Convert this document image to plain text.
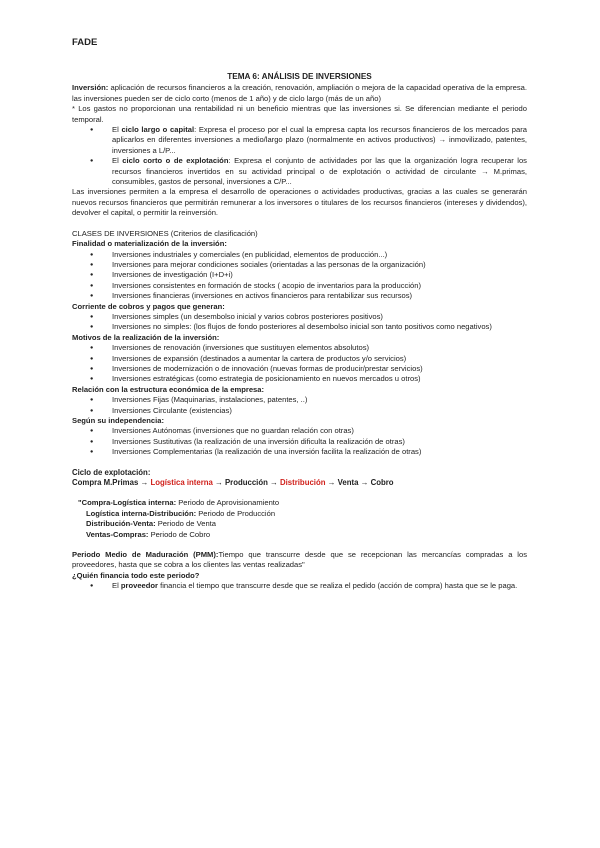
FADE
TEMA 6: ANÁLISIS DE INVERSIONES

Inversión: aplicación de recursos financieros a la creación, renovación, ampliación o mejora de la capacidad operativa de la empresa. las inversiones pueden ser de ciclo corto (menos de 1 año) y de ciclo largo (más de un año)

* Los gastos no proporcionan una rentabilidad ni un beneficio mientras que las inversiones si. Se diferencian mediante el periodo temporal.

● El ciclo largo o capital: Expresa el proceso por el cual la empresa capta los recursos financieros de los mercados para aplicarlos en diferentes inversiones a medio/largo plazo (normalmente en activos productivos) → inmovilizado, patentes, inversiones a L/P...
● El ciclo corto o de explotación: Expresa el conjunto de actividades por las que la organización logra recuperar los recursos financieros invertidos en su actividad principal o de explotación o actividad de circulante → M.primas, consumibles, gastos de personal, inversiones a C/P...

Las inversiones permiten a la empresa el desarrollo de operaciones o actividades productivas, gracias a las cuales se generarán nuevos recursos financieros que permitirán remunerar a los inversores o titulares de los recursos financieros (intereses y dividendos), devolver el capital, o permitir la reinversión.

CLASES DE INVERSIONES (Criterios de clasificación)
Finalidad o materialización de la inversión:
● Inversiones industriales y comerciales (en publicidad, elementos de producción...)
● Inversiones para mejorar condiciones sociales (orientadas a las personas de la organización)
● Inversiones de investigación (I+D+i)
● Inversiones consistentes en formación de stocks ( acopio de inventarios para la producción)
● Inversiones financieras (inversiones en activos financieros para rentabilizar sus recursos)
Corriente de cobros y pagos que generan:
● Inversiones simples (un desembolso inicial y varios cobros posteriores positivos)
● Inversiones no simples: (los flujos de fondo posteriores al desembolso inicial son tanto positivos como negativos)
Motivos de la realización de la inversión:
● Inversiones de renovación (inversiones que sustituyen elementos absolutos)
● Inversiones de expansión (destinados a aumentar la cartera de productos y/o servicios)
● Inversiones de modernización o de innovación (nuevas formas de producir/prestar servicios)
● Inversiones estratégicas (como estrategia de posicionamiento en nuevos mercados u otros)
Relación con la estructura económica de la empresa:
● Inversiones Fijas (Maquinarias, instalaciones, patentes, ..)
● Inversiones Circulante (existencias)
Según su independencia:
● Inversiones Autónomas (inversiones que no guardan relación con otras)
● Inversiones Sustitutivas (la realización de una inversión dificulta la realización de otras)
● Inversiones Complementarias (la realización de una inversión facilita la realización de otras)
Ciclo de explotación:
Compra M.Primas → Logística interna → Producción → Distribución → Venta → Cobro
"Compra-Logística interna: Periodo de Aprovisionamiento
Logística interna-Distribución: Periodo de Producción
Distribución-Venta: Periodo de Venta
Ventas-Compras: Periodo de Cobro

Periodo Medio de Maduración (PMM):Tiempo que transcurre desde que se recepcionan las mercancías compradas a los proveedores, hasta que se cobra a los clientes las ventas realizadas"

¿Quién financia todo este periodo?
● El proveedor financia el tiempo que transcurre desde que se realiza el pedido (acción de compra) hasta que se le paga.
